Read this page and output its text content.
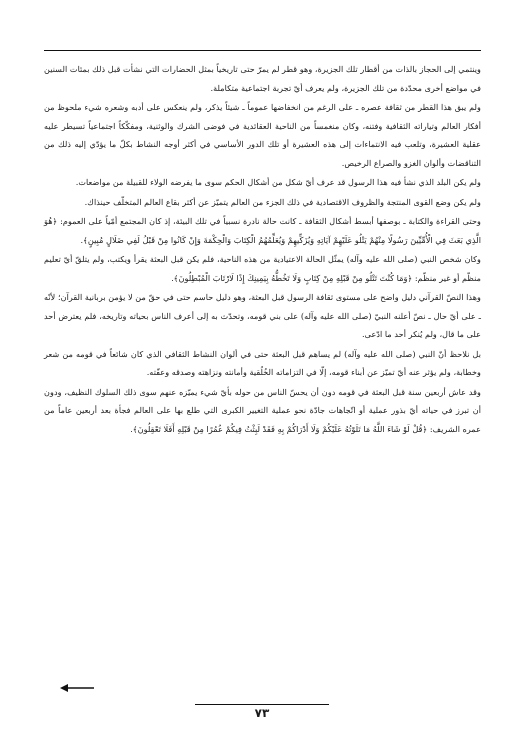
وينتمي إلى الحجاز بالذات من أقطار تلك الجزيرة، وهو قطر لم يمرّ حتى تاريخياً بمثل الحضارات التي نشأت قبل ذلك بمئات السنين في مواضع أخرى محدّدة من تلك الجزيرة، ولم يعرف أيّ تجربة اجتماعية متكاملة.

ولم يبق هذا القطر من ثقافة عصره ـ على الرغم من انخفاضها عموماً ـ شيئاً يذكر، ولم ينعكس على أدبه وشعره شيء ملحوظ من أفكار العالم وتياراته الثقافية وفتنه، وكان منغمساً من الناحية العقائدية في فوضى الشرك والوثنية، ومفكّكاً اجتماعياً تسيطر عليه عقلية العشيرة، وتلعب فيه الانتماءات إلى هذه العشيرة أو تلك الدور الأساسي في أكثر أوجه النشاط بكلّ ما يؤدّي إليه ذلك من التناقضات وألوان الغزو والصراع الرخيص.

ولم يكن البلد الذي نشأ فيه هذا الرسول قد عرف أيّ شكل من أشكال الحكم سوى ما يفرضه الولاء للقبيلة من مواضعات.

ولم يكن وضع القوى المنتجة والظروف الاقتصادية في ذلك الجزء من العالم يتميّز عن أكثر بقاع العالم المتخلّف حينذاك.

وحتى القراءة والكتابة ـ بوصفها أبسط أشكال الثقافة ـ كانت حالة نادرة نسبياً في تلك البيئة، إذ كان المجتمع أمّياً على العموم: ﴿هُوَ الَّذِي بَعَثَ فِي الْأُمِّيِّينَ رَسُولًا مِنْهُمْ يَتْلُو عَلَيْهِمْ آيَاتِهِ وَيُزَكِّيهِمْ وَيُعَلِّمُهُمُ الْكِتَابَ وَالْحِكْمَةَ وَإِنْ كَانُوا مِنْ قَبْلُ لَفِي ضَلَالٍ مُبِينٍ﴾.

وكان شخص النبي (صلى الله عليه وآله) يمثّل الحالة الاعتيادية من هذه الناحية، فلم يكن قبل البعثة يقرأ ويكتب، ولم يتلقّ أيّ تعليم منظّم أو غير منظّم: ﴿وَمَا كُنْتَ تَتْلُو مِنْ قَبْلِهِ مِنْ كِتَابٍ وَلَا تَخُطُّهُ بِيَمِينِكَ إِذًا لَارْتَابَ الْمُبْطِلُونَ﴾.

وهذا النصّ القرآني دليل واضح على مستوى ثقافة الرسول قبل البعثة، وهو دليل حاسم حتى في حقّ من لا يؤمن بربانية القرآن؛ لأنّه ـ على أيّ حال ـ نصّ أعلنه النبيّ (صلى الله عليه وآله) على بني قومه، وتحدّث به إلى أعرف الناس بحياته وتاريخه، فلم يعترض أحد على ما قال، ولم يُنكر أحد ما ادّعى.

بل نلاحظ أنّ النبي (صلى الله عليه وآله) لم يساهم قبل البعثة حتى في ألوان النشاط الثقافي الذي كان شائعاً في قومه من شعر وخطابة، ولم يؤثر عنه أيّ تميّز عن أبناء قومه، إلّا في التزاماته الخُلُقية وأمانته ونزاهته وصدقه وعفّته.

وقد عاش أربعين سنة قبل البعثة في قومه دون أن يحسّ الناس من حوله بأيّ شيء يميّزه عنهم سوى ذلك السلوك النظيف، ودون أن تبرز في حياته أيّ بذور عملية أو اتّجاهات جادّة نحو عملية التغيير الكبرى التي طلع بها على العالم فجأة بعد أربعين عاماً من عمره الشريف: ﴿قُلْ لَوْ شَاءَ اللَّهُ مَا تَلَوْتُهُ عَلَيْكُمْ وَلَا أَدْرَاكُمْ بِهِ فَقَدْ لَبِثْتُ فِيكُمْ عُمُرًا مِنْ قَبْلِهِ أَفَلَا تَعْقِلُونَ﴾.

٧٣
